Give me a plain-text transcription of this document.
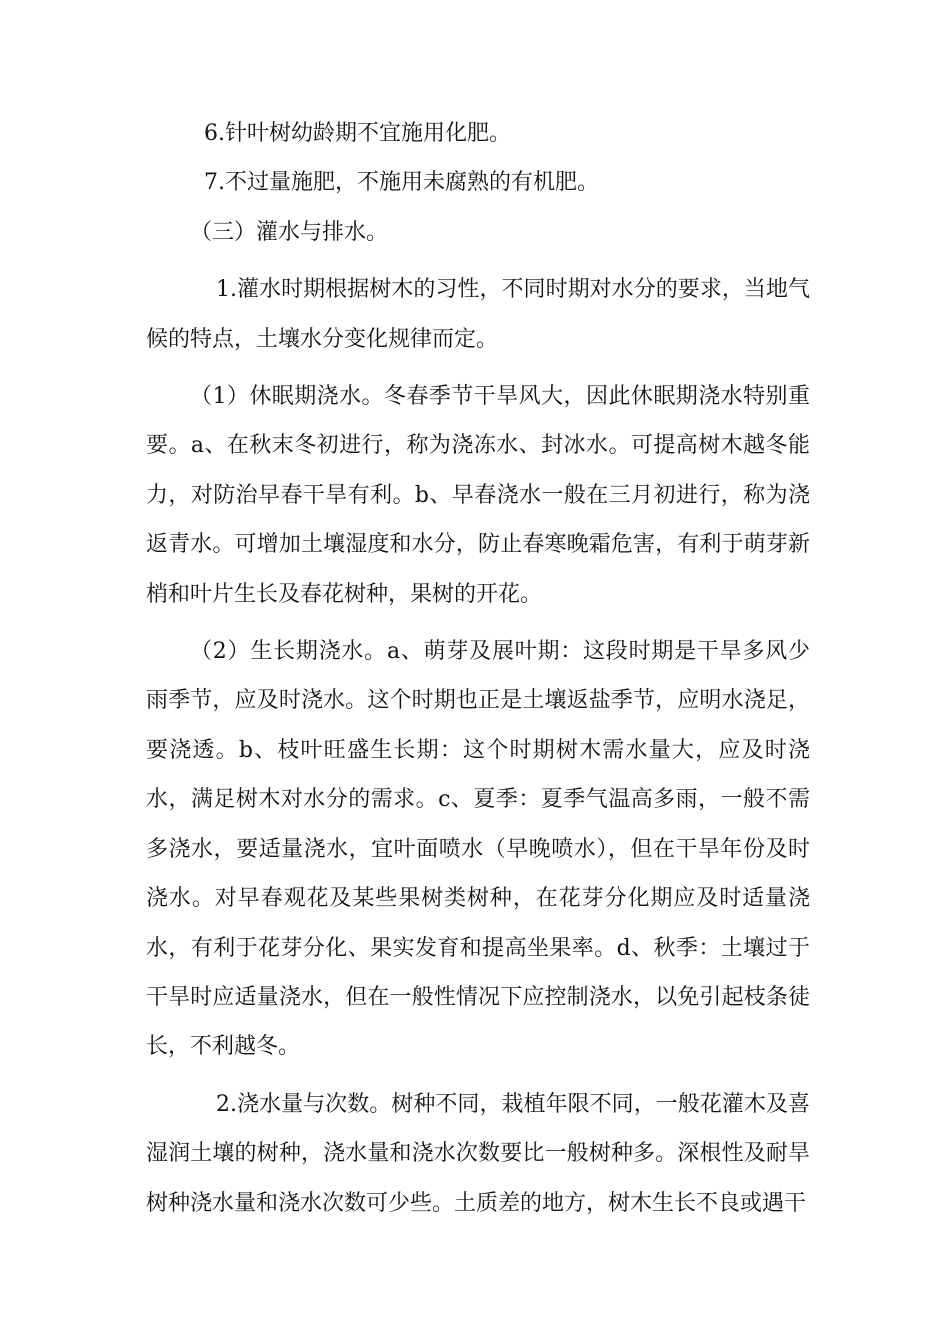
6.针叶树幼龄期不宜施用化肥。

7.不过量施肥，不施用未腐熟的有机肥。

（三）灌水与排水。

1.灌水时期根据树木的习性，不同时期对水分的要求，当地气候的特点，土壤水分变化规律而定。

（1）休眠期浇水。冬春季节干旱风大，因此休眠期浇水特别重要。a、在秋末冬初进行，称为浇冻水、封冰水。可提高树木越冬能力，对防治早春干旱有利。b、早春浇水一般在三月初进行，称为浇返青水。可增加土壤湿度和水分，防止春寒晚霜危害，有利于萌芽新梢和叶片生长及春花树种，果树的开花。

（2）生长期浇水。a、萌芽及展叶期：这段时期是干旱多风少雨季节，应及时浇水。这个时期也正是土壤返盐季节，应明水浇足，要浇透。b、枝叶旺盛生长期：这个时期树木需水量大，应及时浇水，满足树木对水分的需求。c、夏季：夏季气温高多雨，一般不需多浇水，要适量浇水，宜叶面喷水（早晚喷水），但在干旱年份及时浇水。对早春观花及某些果树类树种，在花芽分化期应及时适量浇水，有利于花芽分化、果实发育和提高坐果率。d、秋季：土壤过于干旱时应适量浇水，但在一般性情况下应控制浇水，以免引起枝条徒长，不利越冬。

2.浇水量与次数。树种不同，栽植年限不同，一般花灌木及喜湿润土壤的树种，浇水量和浇水次数要比一般树种多。深根性及耐旱树种浇水量和浇水次数可少些。土质差的地方，树木生长不良或遇干
